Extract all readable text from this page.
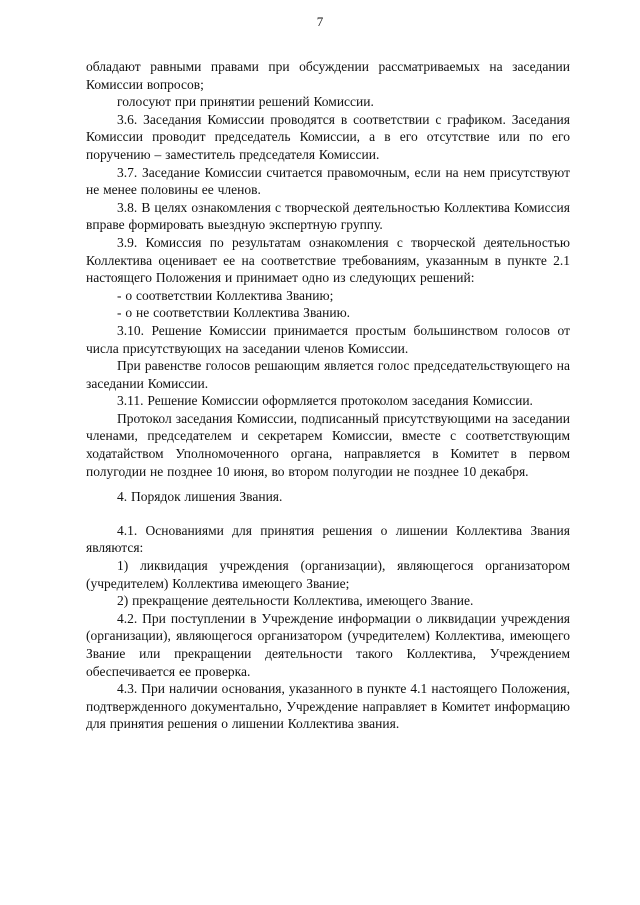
7

обладают равными правами при обсуждении рассматриваемых на заседании Комиссии вопросов;

голосуют при принятии решений Комиссии.

3.6. Заседания Комиссии проводятся в соответствии с графиком. Заседания Комиссии проводит председатель Комиссии, а в его отсутствие или по его поручению – заместитель председателя Комиссии.

3.7. Заседание Комиссии считается правомочным, если на нем присутствуют не менее половины ее членов.

3.8. В целях ознакомления с творческой деятельностью Коллектива Комиссия вправе формировать выездную экспертную группу.

3.9. Комиссия по результатам ознакомления с творческой деятельностью Коллектива оценивает ее на соответствие требованиям, указанным в пункте 2.1 настоящего Положения и принимает одно из следующих решений:

- о соответствии Коллектива Званию;

- о не соответствии Коллектива Званию.

3.10. Решение Комиссии принимается простым большинством голосов от числа присутствующих на заседании членов Комиссии.

При равенстве голосов решающим является голос председательствующего на заседании Комиссии.

3.11. Решение Комиссии оформляется протоколом заседания Комиссии.

Протокол заседания Комиссии, подписанный присутствующими на заседании членами, председателем и секретарем Комиссии, вместе с соответствующим ходатайством Уполномоченного органа, направляется в Комитет в первом полугодии не позднее 10 июня, во втором полугодии не позднее 10 декабря.

4. Порядок лишения Звания.

4.1. Основаниями для принятия решения о лишении Коллектива Звания являются:

1) ликвидация учреждения (организации), являющегося организатором (учредителем) Коллектива имеющего Звание;

2) прекращение деятельности Коллектива, имеющего Звание.

4.2. При поступлении в Учреждение информации о ликвидации учреждения (организации), являющегося организатором (учредителем) Коллектива, имеющего Звание или прекращении деятельности такого Коллектива, Учреждением обеспечивается ее проверка.

4.3. При наличии основания, указанного в пункте 4.1 настоящего Положения, подтвержденного документально, Учреждение направляет в Комитет информацию для принятия решения о лишении Коллектива звания.
